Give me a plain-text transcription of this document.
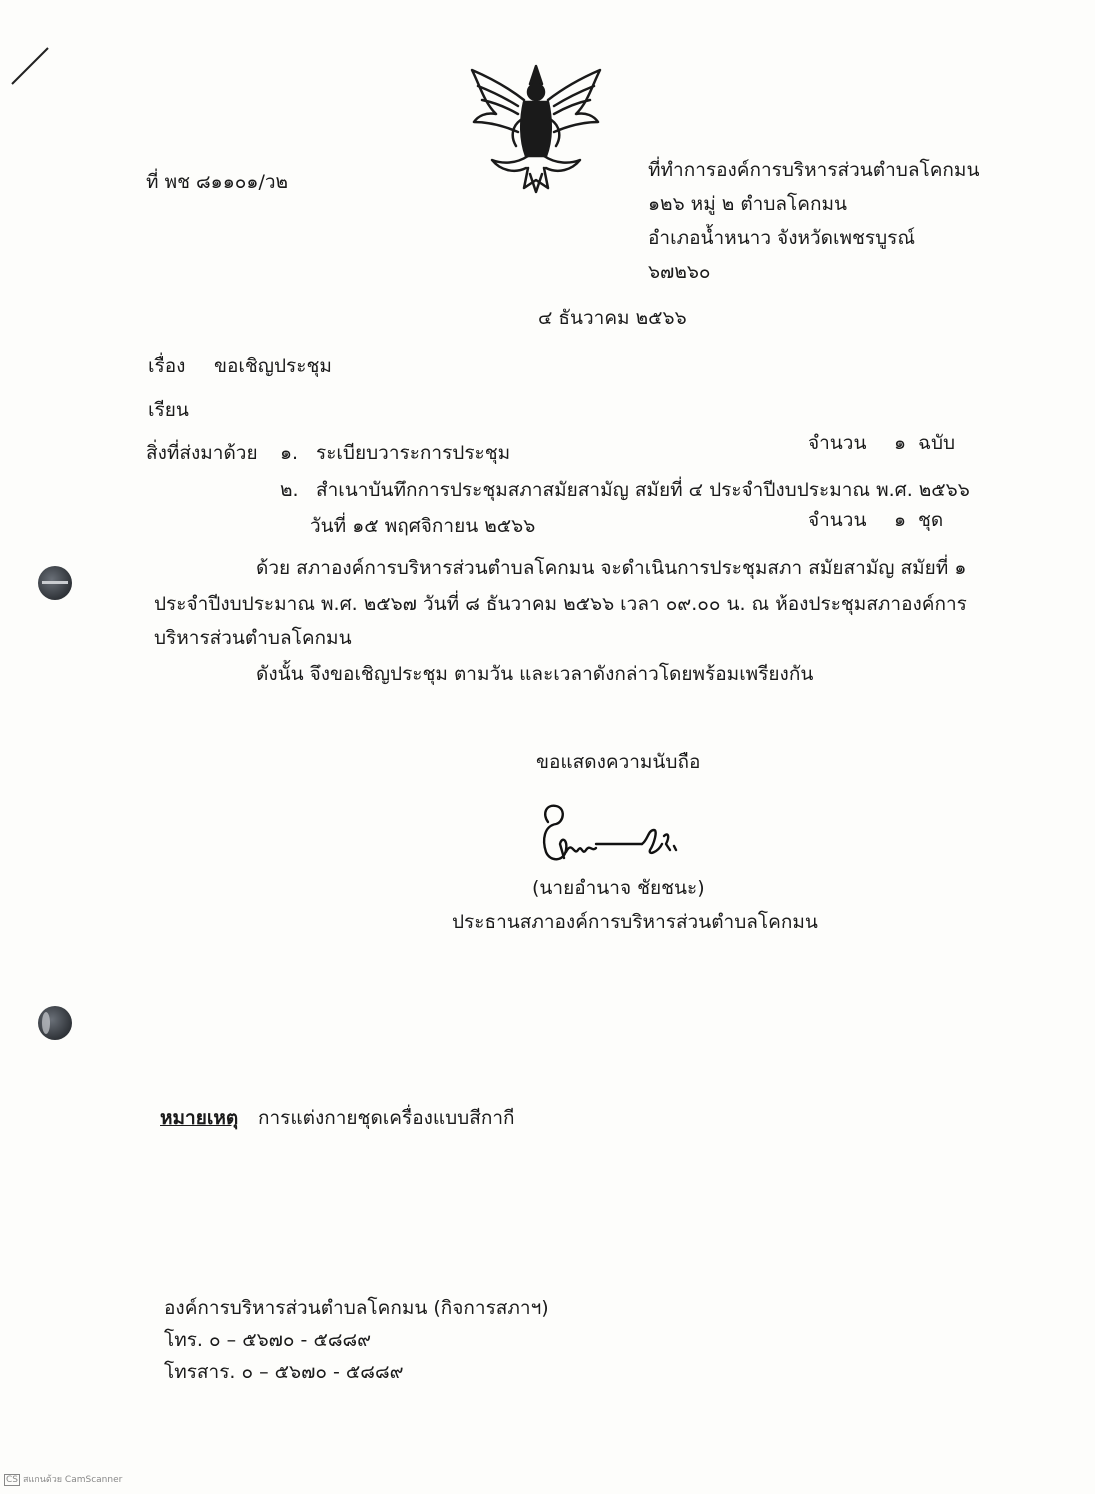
ที่ พช ๘๑๑๐๑/ว๒
ที่ทำการองค์การบริหารส่วนตำบลโคกมน
๑๒๖ หมู่ ๒ ตำบลโคกมน
อำเภอน้ำหนาว จังหวัดเพชรบูรณ์
๖๗๒๖๐
๔ ธันวาคม ๒๕๖๖
เรื่อง ขอเชิญประชุม
เรียน
สิ่งที่ส่งมาด้วย ๑. ระเบียบวาระการประชุม	จำนวน ๑ ฉบับ
๒. สำเนาบันทึกการประชุมสภาสมัยสามัญ สมัยที่ ๔ ประจำปีงบประมาณ พ.ศ. ๒๕๖๖
วันที่ ๑๕ พฤศจิกายน ๒๕๖๖	จำนวน ๑ ชุด
ด้วย สภาองค์การบริหารส่วนตำบลโคกมน จะดำเนินการประชุมสภา สมัยสามัญ สมัยที่ ๑
ประจำปีงบประมาณ พ.ศ. ๒๕๖๗ วันที่ ๘ ธันวาคม ๒๕๖๖ เวลา ๐๙.๐๐ น. ณ ห้องประชุมสภาองค์การ
บริหารส่วนตำบลโคกมน
ดังนั้น จึงขอเชิญประชุม ตามวัน และเวลาดังกล่าวโดยพร้อมเพรียงกัน
ขอแสดงความนับถือ
(นายอำนาจ ชัยชนะ)
ประธานสภาองค์การบริหารส่วนตำบลโคกมน
หมายเหตุ การแต่งกายชุดเครื่องแบบสีกากี
องค์การบริหารส่วนตำบลโคกมน (กิจการสภาฯ)
โทร. ๐ – ๕๖๗๐ - ๕๘๘๙
โทรสาร. ๐ – ๕๖๗๐ - ๕๘๘๙
CS สแกนด้วย CamScanner
